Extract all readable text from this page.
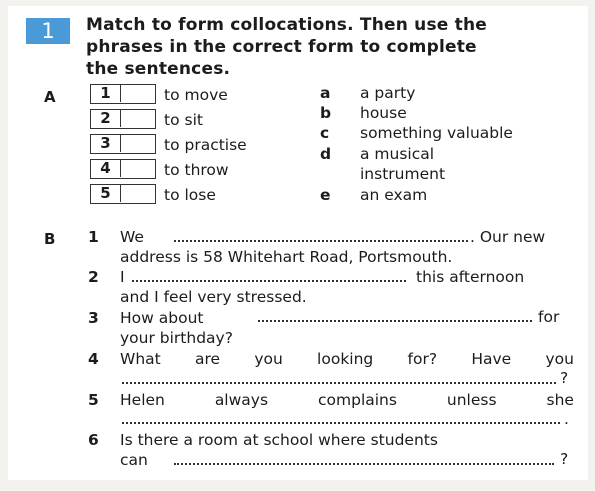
1	Match to form collocations. Then use the
phrases in the correct form to complete
the sentences.
A	1	to move
2	to sit
3	to practise
4	to throw
5	to lose
a a party
b house
c something valuable
d a musical
instrument
e an exam
B 1 We	. Our new
address is 58 Whitehart Road, Portsmouth.
2 I	this afternoon
and I feel very stressed.
3 How about	for
your birthday?
4 What are you looking for? Have you
?
5 Helen	always	complains	unless	she
.
6 Is there a room at school where students
can	?
